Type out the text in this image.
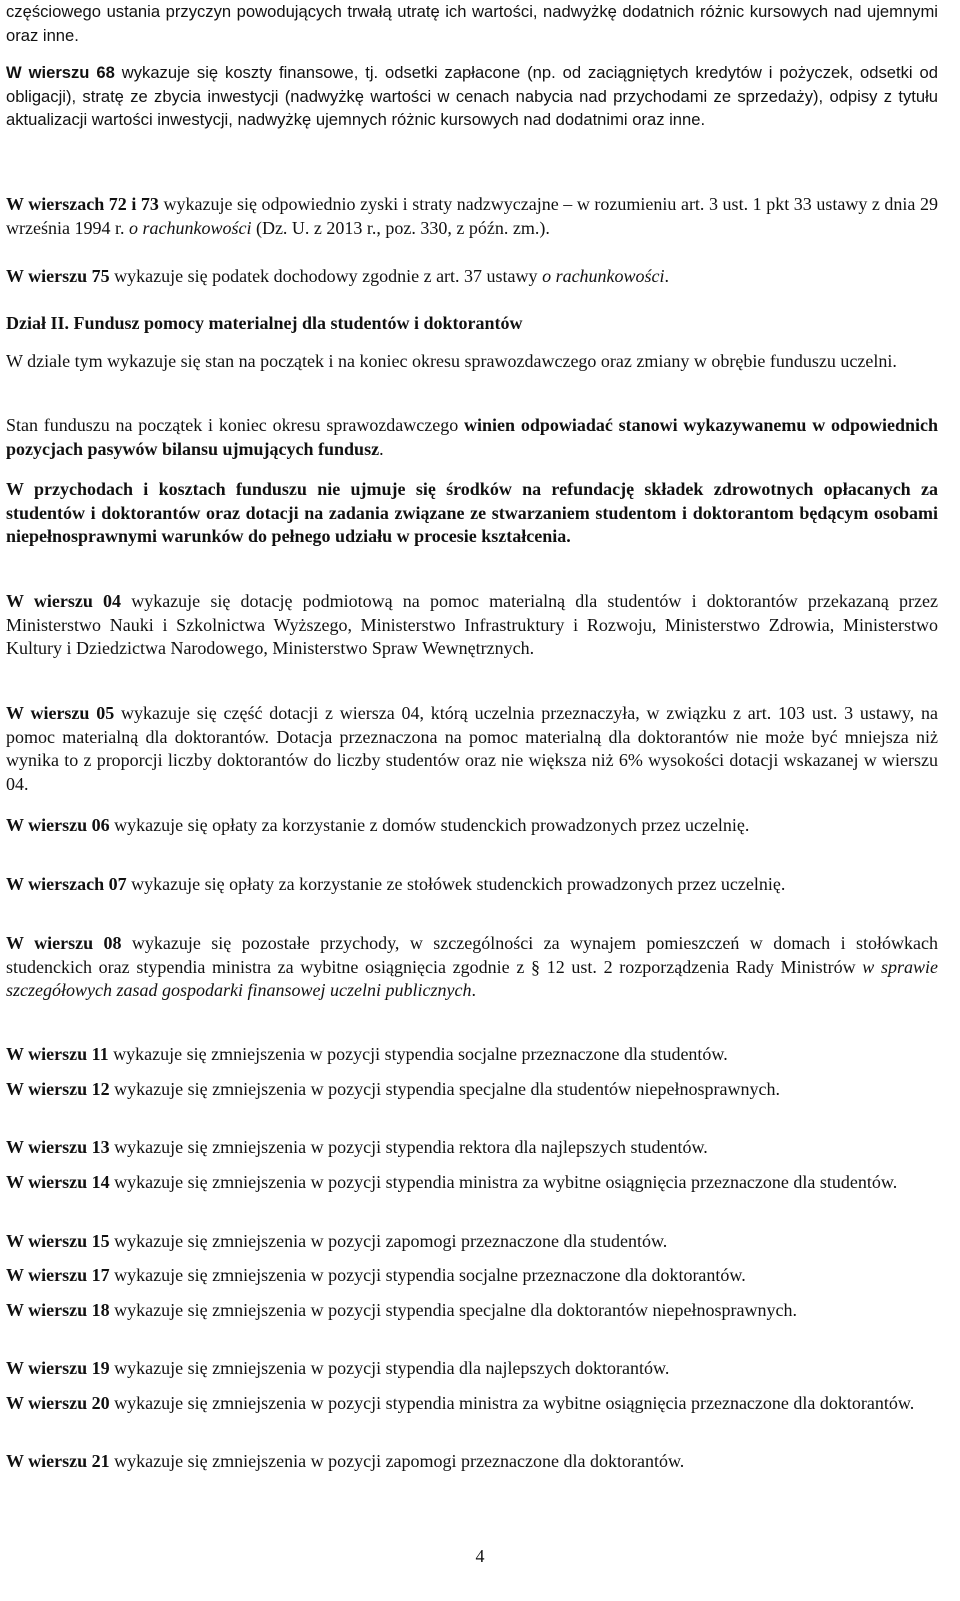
częściowego ustania przyczyn powodujących trwałą utratę ich wartości, nadwyżkę dodatnich różnic kursowych nad ujemnymi oraz inne.

W wierszu 68 wykazuje się koszty finansowe, tj. odsetki zapłacone (np. od zaciągniętych kredytów i pożyczek, odsetki od obligacji), stratę ze zbycia inwestycji (nadwyżkę wartości w cenach nabycia nad przychodami ze sprzedaży), odpisy z tytułu aktualizacji wartości inwestycji, nadwyżkę ujemnych różnic kursowych nad dodatnimi oraz inne.

W wierszach 72 i 73 wykazuje się odpowiednio zyski i straty nadzwyczajne – w rozumieniu art. 3 ust. 1 pkt 33 ustawy z dnia 29 września 1994 r. o rachunkowości (Dz. U. z 2013 r., poz. 330, z późn. zm.).

W wierszu 75 wykazuje się podatek dochodowy zgodnie z art. 37 ustawy o rachunkowości.

Dział II. Fundusz pomocy materialnej dla studentów i doktorantów

W dziale tym wykazuje się stan na początek i na koniec okresu sprawozdawczego oraz zmiany w obrębie funduszu uczelni.

Stan funduszu na początek i koniec okresu sprawozdawczego winien odpowiadać stanowi wykazywanemu w odpowiednich pozycjach pasywów bilansu ujmujących fundusz.

W przychodach i kosztach funduszu nie ujmuje się środków na refundację składek zdrowotnych opłacanych za studentów i doktorantów oraz dotacji na zadania związane ze stwarzaniem studentom i doktorantom będącym osobami niepełnosprawnymi warunków do pełnego udziału w procesie kształcenia.

W wierszu 04 wykazuje się dotację podmiotową na pomoc materialną dla studentów i doktorantów przekazaną przez Ministerstwo Nauki i Szkolnictwa Wyższego, Ministerstwo Infrastruktury i Rozwoju, Ministerstwo Zdrowia, Ministerstwo Kultury i Dziedzictwa Narodowego, Ministerstwo Spraw Wewnętrznych.

W wierszu 05 wykazuje się część dotacji z wiersza 04, którą uczelnia przeznaczyła, w związku z art. 103 ust. 3 ustawy, na pomoc materialną dla doktorantów. Dotacja przeznaczona na pomoc materialną dla doktorantów nie może być mniejsza niż wynika to z proporcji liczby doktorantów do liczby studentów oraz nie większa niż 6% wysokości dotacji wskazanej w wierszu 04.

W wierszu 06 wykazuje się opłaty za korzystanie z domów studenckich prowadzonych przez uczelnię.

W wierszach 07 wykazuje się opłaty za korzystanie ze stołówek studenckich prowadzonych przez uczelnię.

W wierszu 08 wykazuje się pozostałe przychody, w szczególności za wynajem pomieszczeń w domach i stołówkach studenckich oraz stypendia ministra za wybitne osiągnięcia zgodnie z § 12 ust. 2 rozporządzenia Rady Ministrów w sprawie szczegółowych zasad gospodarki finansowej uczelni publicznych.

W wierszu 11 wykazuje się zmniejszenia w pozycji stypendia socjalne przeznaczone dla studentów.

W wierszu 12 wykazuje się zmniejszenia w pozycji stypendia specjalne dla studentów niepełnosprawnych.

W wierszu 13 wykazuje się zmniejszenia w pozycji stypendia rektora dla najlepszych studentów.

W wierszu 14 wykazuje się zmniejszenia w pozycji stypendia ministra za wybitne osiągnięcia przeznaczone dla studentów.

W wierszu 15 wykazuje się zmniejszenia w pozycji zapomogi przeznaczone dla studentów.

W wierszu 17 wykazuje się zmniejszenia w pozycji stypendia socjalne przeznaczone dla doktorantów.

W wierszu 18 wykazuje się zmniejszenia w pozycji stypendia specjalne dla doktorantów niepełnosprawnych.

W wierszu 19 wykazuje się zmniejszenia w pozycji stypendia dla najlepszych doktorantów.

W wierszu 20 wykazuje się zmniejszenia w pozycji stypendia ministra za wybitne osiągnięcia przeznaczone dla doktorantów.

W wierszu 21 wykazuje się zmniejszenia w pozycji zapomogi przeznaczone dla doktorantów.

4
